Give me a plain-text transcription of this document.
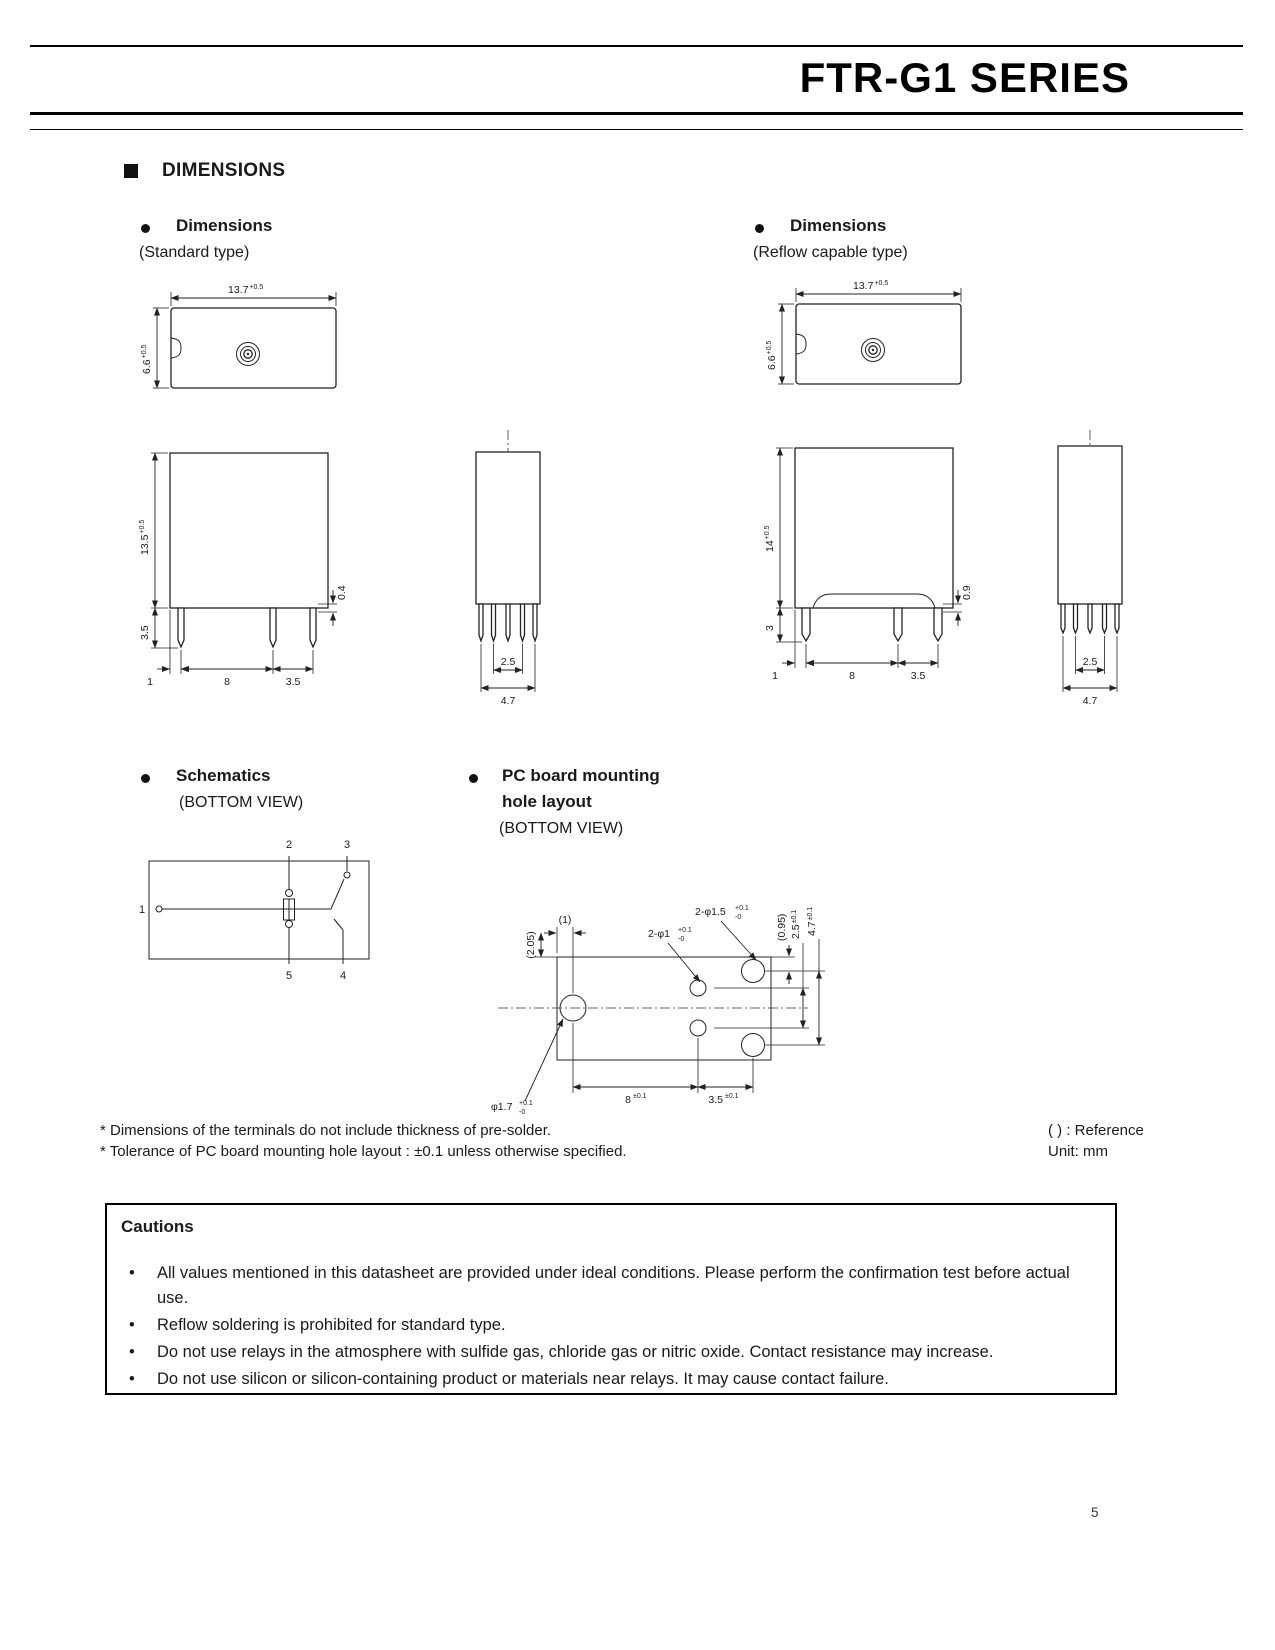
FTR-G1 SERIES
DIMENSIONS
Dimensions
(Standard type)
Dimensions
(Reflow capable type)
$13.7^{+0.5}$
$6.6^{+0.5}$
$13.7^{+0.5}$
$6.6^{+0.5}$
$13.5^{+0.5}$
3.5
0.4
1	8	3.5
2.5
4.7
$14^{+0.5}$
3
0.9
1	8	3.5
2.5
4.7
Schematics
(BOTTOM VIEW)
PC board mounting
hole layout
(BOTTOM VIEW)
2	3
1
5	4
(1)
(2.05)
2-φ1.5 +0.1
-0
2-φ1 +0.1
-0	(0.95) $2.5^{\pm 0.1}$
$4.7^{\pm 0.1}$
8 ±0.1	3.5 ±0.1
φ1.7 +0.1
-0
* Dimensions of the terminals do not include thickness of pre-solder.
* Tolerance of PC board mounting hole layout : ±0.1 unless otherwise specified.
( ) : Reference
Unit: mm
Cautions
• All values mentioned in this datasheet are provided under ideal conditions. Please perform the confirmation test before actual use.
• Reflow soldering is prohibited for standard type.
• Do not use relays in the atmosphere with sulfide gas, chloride gas or nitric oxide. Contact resistance may increase.
• Do not use silicon or silicon-containing product or materials near relays. It may cause contact failure.
5
